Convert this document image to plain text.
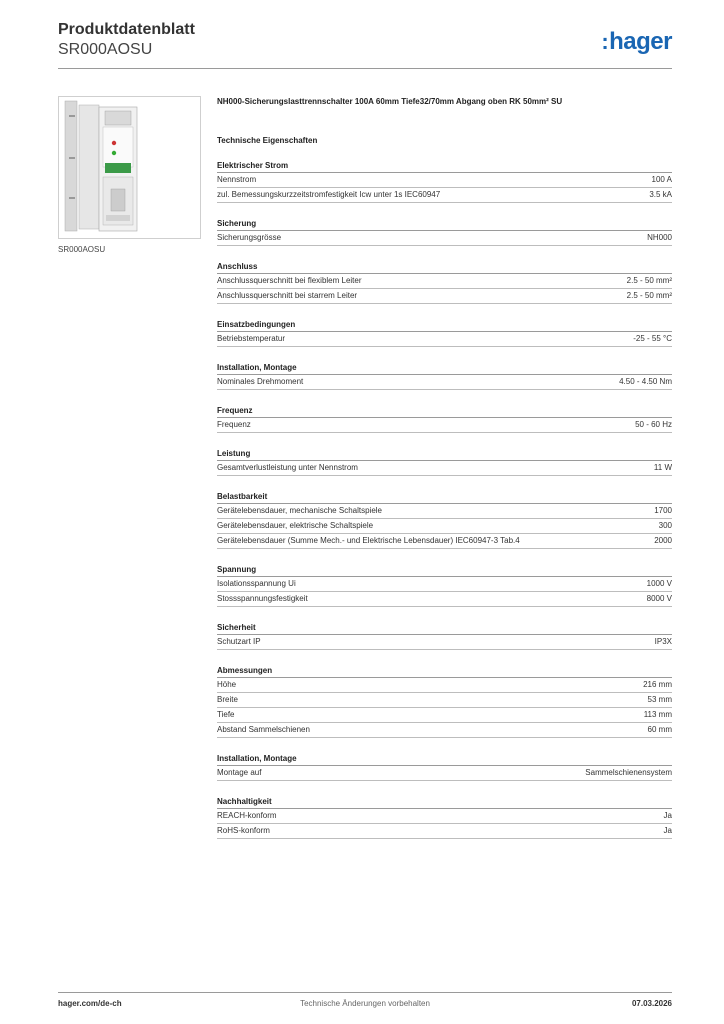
Produktdatenblatt
SR000AOSU	:hager
SR000AOSU
NH000-Sicherungslasttrennschalter 100A 60mm Tiefe32/70mm Abgang oben RK 50mm² SU
Technische Eigenschaften
Elektrischer Strom
Nennstrom	100 A
zul. Bemessungskurzzeitstromfestigkeit Icw unter 1s IEC60947	3.5 kA
Sicherung
Sicherungsgrösse	NH000
Anschluss
Anschlussquerschnitt bei flexiblem Leiter	2.5 - 50 mm²
Anschlussquerschnitt bei starrem Leiter	2.5 - 50 mm²
Einsatzbedingungen
Betriebstemperatur	-25 - 55 °C
Installation, Montage
Nominales Drehmoment	4.50 - 4.50 Nm
Frequenz
Frequenz	50 - 60 Hz
Leistung
Gesamtverlustleistung unter Nennstrom	11 W
Belastbarkeit
Gerätelebensdauer, mechanische Schaltspiele	1700
Gerätelebensdauer, elektrische Schaltspiele	300
Gerätelebensdauer (Summe Mech.- und Elektrische Lebensdauer) IEC60947-3 Tab.4	2000
Spannung
Isolationsspannung Ui	1000 V
Stossspannungsfestigkeit	8000 V
Sicherheit
Schutzart IP	IP3X
Abmessungen
Höhe	216 mm
Breite	53 mm
Tiefe	113 mm
Abstand Sammelschienen	60 mm
Installation, Montage
Montage auf	Sammelschienensystem
Nachhaltigkeit
REACH-konform	Ja
RoHS-konform	Ja
hager.com/de-ch	Technische Änderungen vorbehalten	07.03.2026
